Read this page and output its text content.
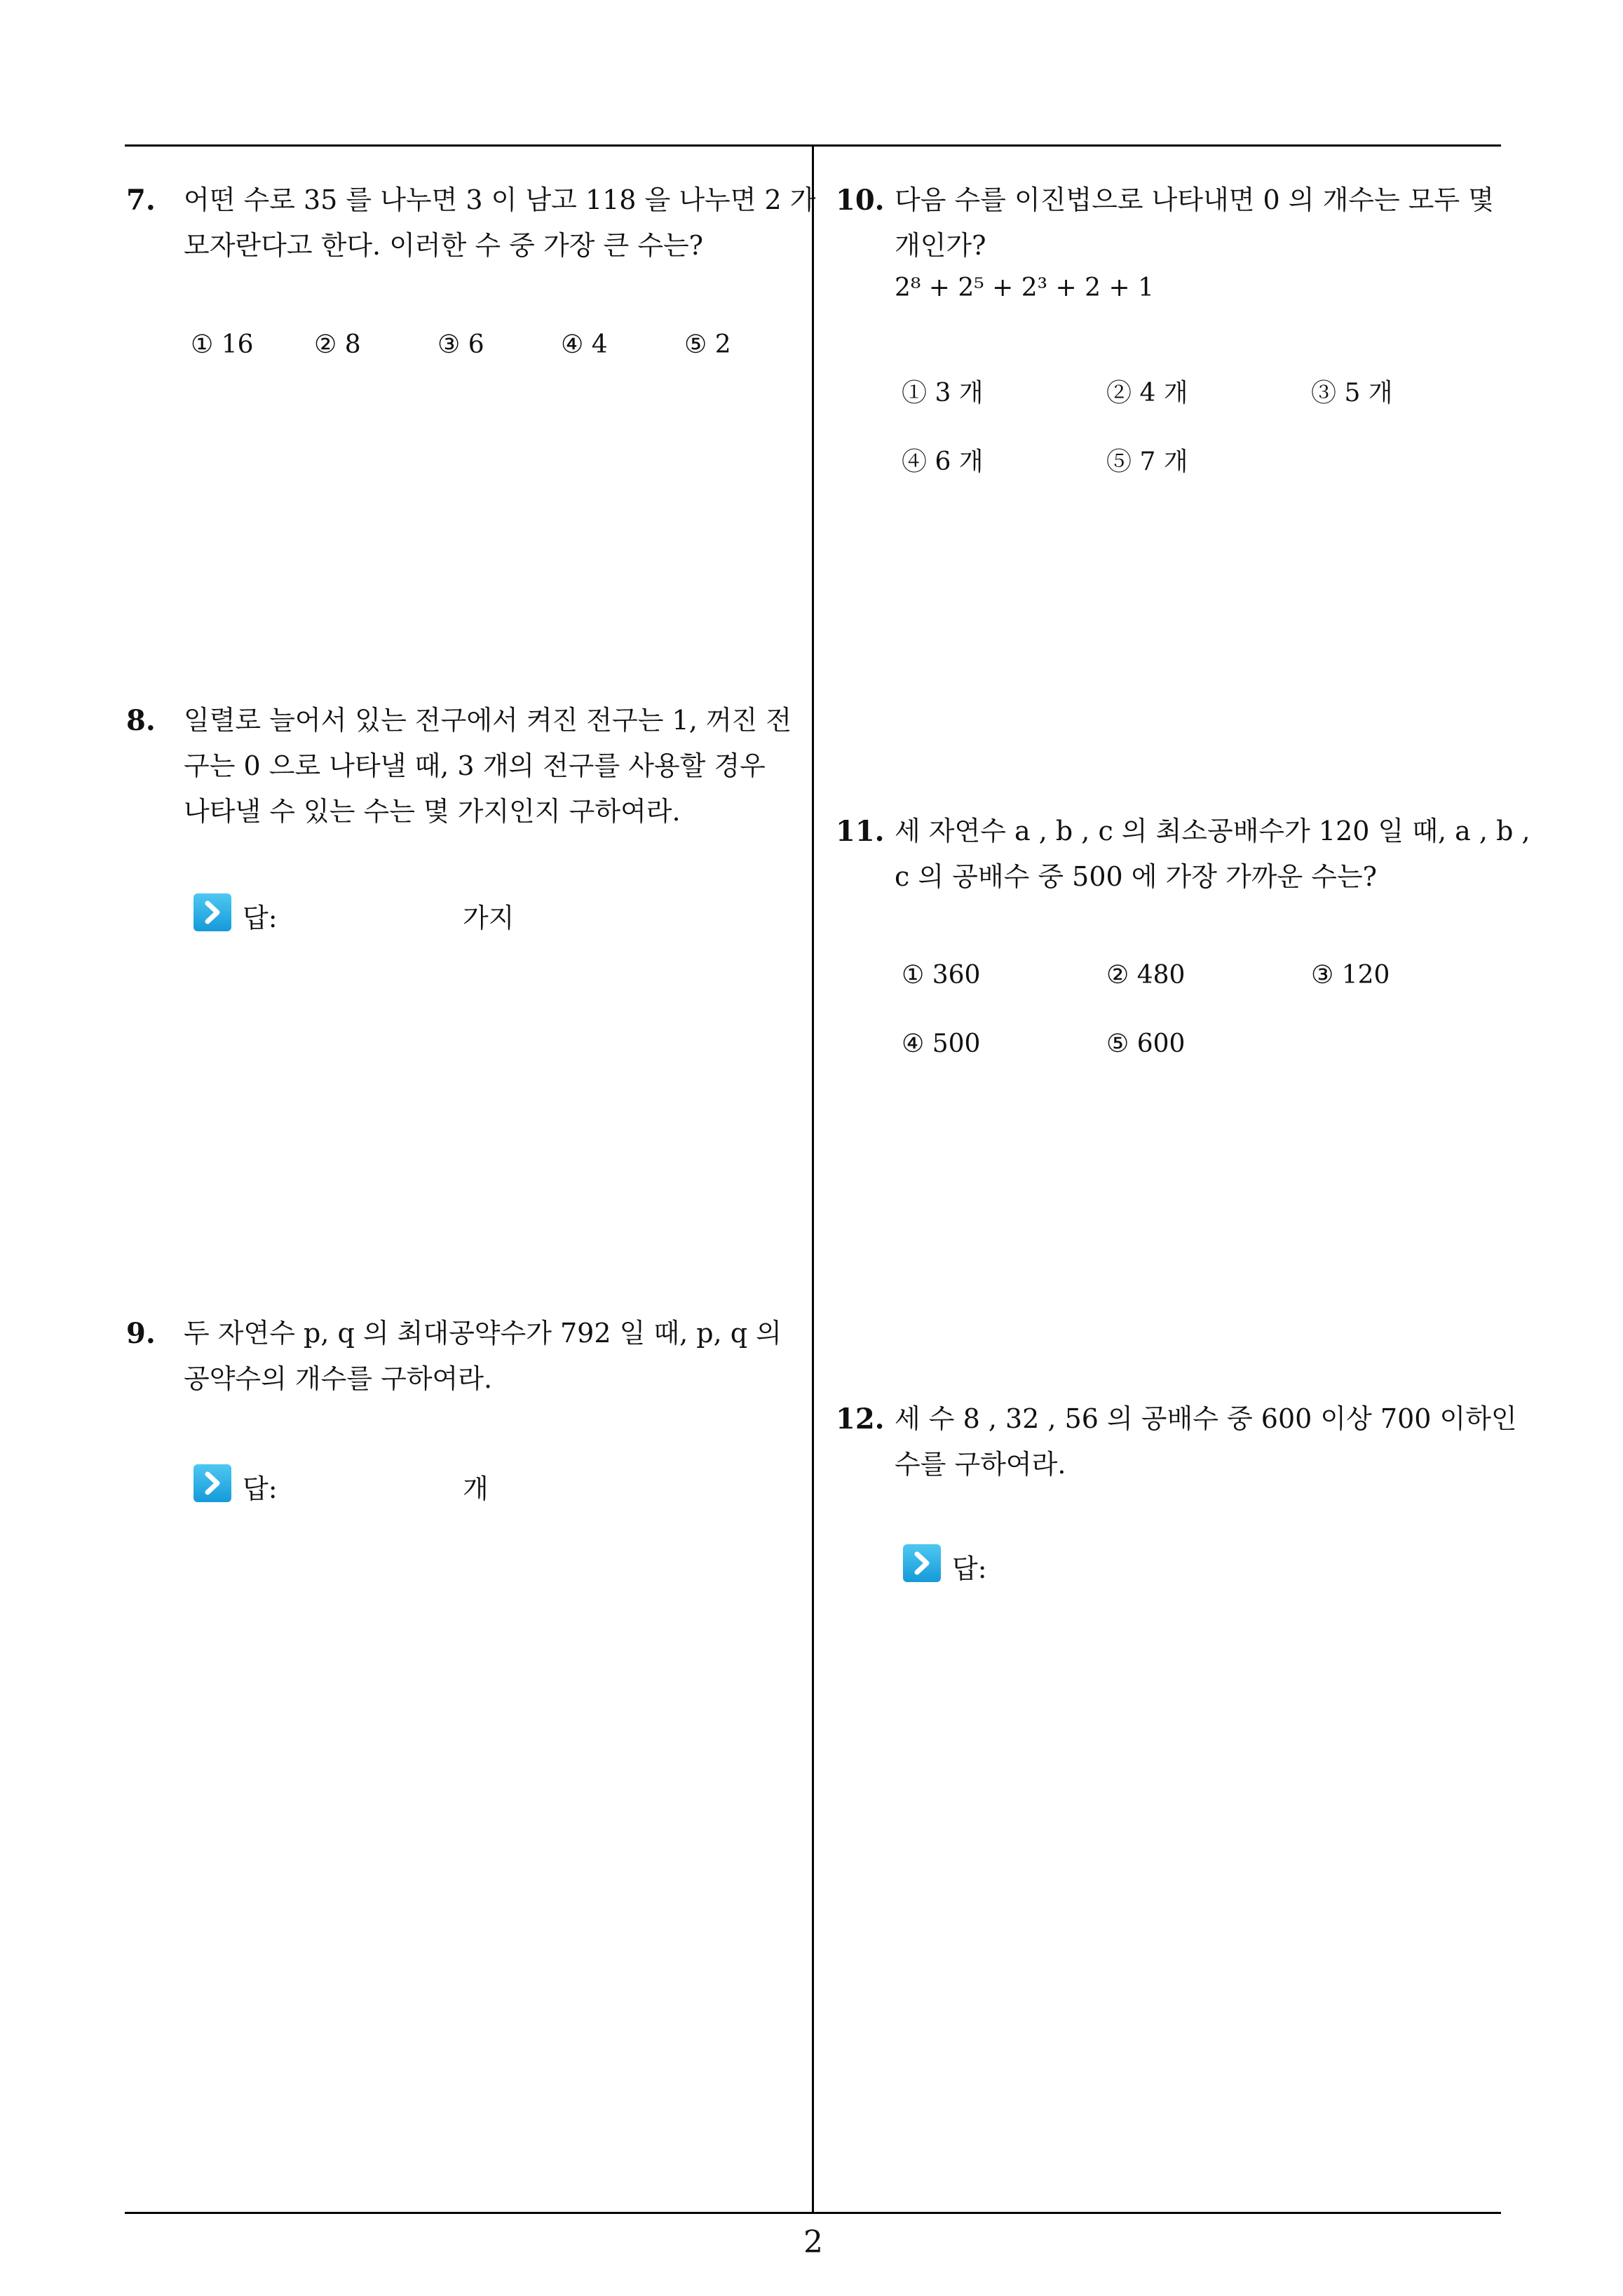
7. 어떤 수로 35 를 나누면 3 이 남고 118 을 나누면 2 가
모자란다고 한다. 이러한 수 중 가장 큰 수는?
① 16 ② 8	③ 6	④ 4	⑤ 2
8. 일렬로 늘어서 있는 전구에서 켜진 전구는 1, 꺼진 전
구는 0 으로 나타낼 때, 3 개의 전구를 사용할 경우
나타낼 수 있는 수는 몇 가지인지 구하여라.
답:	가지
9. 두 자연수 p, q 의 최대공약수가 792 일 때, p, q 의
공약수의 개수를 구하여라.
답:	개
10. 다음 수를 이진법으로 나타내면 0 의 개수는 모두 몇
개인가?
2⁸ + 2⁵ + 2³ + 2 + 1
① 3 개	② 4 개	③ 5 개
④ 6 개	⑤ 7 개
11. 세 자연수 a , b , c 의 최소공배수가 120 일 때, a , b ,
c 의 공배수 중 500 에 가장 가까운 수는?
① 360	② 480	③ 120
④ 500	⑤ 600
12. 세 수 8 , 32 , 56 의 공배수 중 600 이상 700 이하인
수를 구하여라.
답:
2
